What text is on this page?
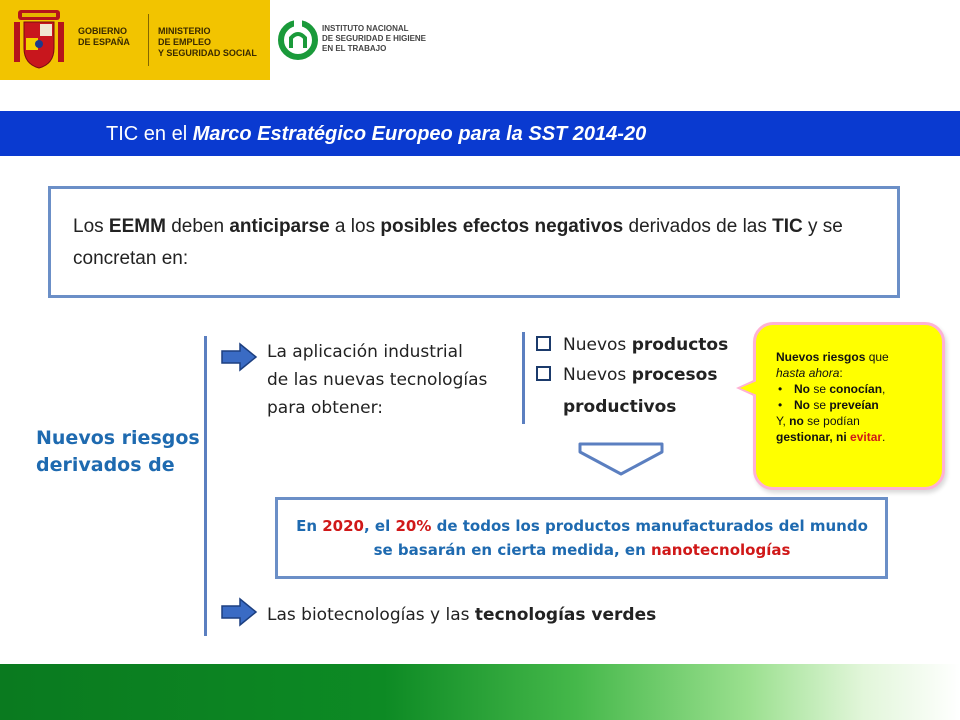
GOBIERNO
DE ESPAÑA
MINISTERIO
DE EMPLEO
Y SEGURIDAD SOCIAL
INSTITUTO NACIONAL
DE SEGURIDAD E HIGIENE
EN EL TRABAJO
TIC en el Marco Estratégico Europeo para la SST 2014-20
Los EEMM deben anticiparse a los posibles efectos negativos derivados de las TIC y se concretan en:
Nuevos riesgos
derivados de
La aplicación industrial
de las nuevas tecnologías
para obtener:
Nuevos productos
Nuevos procesos
productivos
Nuevos riesgos que
hasta ahora:
• No se conocían,
• No se preveían
Y, no se podían
gestionar, ni evitar.
En 2020, el 20% de todos los productos manufacturados del mundo se basarán en cierta medida, en nanotecnologías
Las biotecnologías y las tecnologías verdes
